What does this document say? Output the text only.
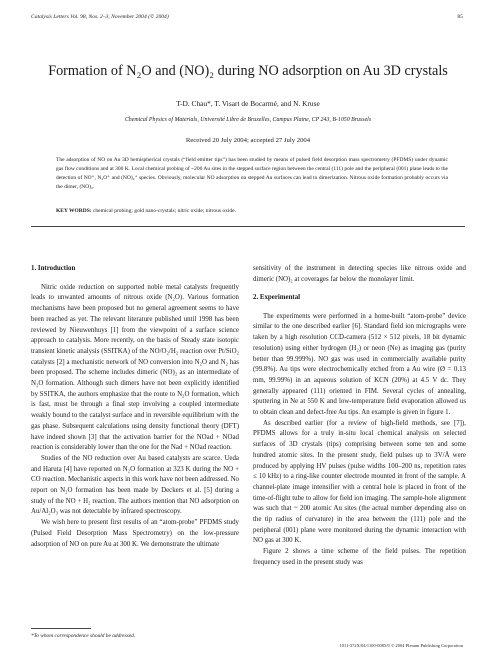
Catalysis Letters Vol. 98, Nos. 2–3, November 2004 (© 2004)	85
Formation of N₂O and (NO)₂ during NO adsorption on Au 3D crystals
T-D. Chau*, T. Visart de Bocarmé, and N. Kruse
Chemical Physics of Materials, Université Libre de Bruxelles, Campus Plaine, CP 243, B-1050 Brussels
Received 20 July 2004; accepted 27 July 2004
The adsorption of NO on Au 3D hemispherical crystals (“field emitter tips”) has been studied by means of pulsed field desorption mass spectrometry (PFDMS) under dynamic gas flow conditions and at 300 K. Local chemical probing of ~200 Au sites in the stepped surface region between the central (111) pole and the peripheral (001) plane leads to the detection of NO⁺, N₂O⁺ and (NO)₂⁺ species. Obviously, molecular NO adsorption on stepped Au surfaces can lead to dimerization. Nitrous oxide formation probably occurs via the dimer, (NO)₂.
KEY WORDS: chemical probing; gold nano-crystals; nitric oxide; nitrous oxide.
1. Introduction

Nitric oxide reduction on supported noble metal catalysts frequently leads to unwanted amounts of nitrous oxide (N₂O). Various formation mechanisms have been proposed but no general agreement seems to have been reached as yet. The relevant literature published until 1998 has been reviewed by Nieuwenhuys [1] from the viewpoint of a surface science approach to catalysis. More recently, on the basis of Steady state isotopic transient kinetic analysis (SSITKA) of the NO/O₂/H₂ reaction over Pt/SiO₂ catalysts [2] a mechanistic network of NO conversion into N₂O and N₂ has been proposed. The scheme includes dimeric (NO)₂ as an intermediate of N₂O formation. Although such dimers have not been explicitly identified by SSITKA, the authors emphasize that the route to N₂O formation, which is fast, must be through a final step involving a coupled intermediate weakly bound to the catalyst surface and in reversible equilibrium with the gas phase. Subsequent calculations using density functional theory (DFT) have indeed shown [3] that the activation barrier for the NOad + NOad reaction is considerably lower than the one for the Nad + NOad reaction.

Studies of the NO reduction over Au based catalysts are scarce. Ueda and Haruta [4] have reported on N₂O formation at 323 K during the NO + CO reaction. Mechanistic aspects in this work have not been addressed. No report on N₂O formation has been made by Deckers et al. [5] during a study of the NO + H₂ reaction. The authors mention that NO adsorption on Au/Al₂O₃ was not detectable by infrared spectroscopy.

We wish here to present first results of an “atom-probe” PFDMS study (Pulsed Field Desorption Mass Spectrometry) on the low-pressure adsorption of NO on pure Au at 300 K. We demonstrate the ultimate

sensitivity of the instrument in detecting species like nitrous oxide and dimeric (NO)₂ at coverages far below the monolayer limit.

2. Experimental

The experiments were performed in a home-built “atom-probe” device similar to the one described earlier [6]. Standard field ion micrographs were taken by a high resolution CCD-camera (512 × 512 pixels, 18 bit dynamic resolution) using either hydrogen (H₂) or neon (Ne) as imaging gas (purity better than 99.999%). NO gas was used in commercially available purity (99.8%). Au tips were electrochemically etched from a Au wire (Ø = 0.13 mm, 99.99%) in an aqueous solution of KCN (20%) at 4.5 V dc. They generally appeared (111) oriented in FIM. Several cycles of annealing, sputtering in Ne at 550 K and low-temperature field evaporation allowed us to obtain clean and defect-free Au tips. An example is given in figure 1.

As described earlier (for a review of high-field methods, see [7]), PFDMS allows for a truly in-situ local chemical analysis on selected surfaces of 3D crystals (tips) comprising between some ten and some hundred atomic sites. In the present study, field pulses up to 3V/Å were produced by applying HV pulses (pulse widths 100–200 ns, repetition rates ≤ 10 kHz) to a ring-like counter electrode mounted in front of the sample. A channel-plate image intensifier with a central hole is placed in front of the time-of-flight tube to allow for field ion imaging. The sample-hole alignment was such that ~ 200 atomic Au sites (the actual number depending also on the tip radius of curvature) in the area between the (111) pole and the peripheral (001) plane were monitored during the dynamic interaction with NO gas at 300 K.

Figure 2 shows a time scheme of the field pulses. The repetition frequency used in the present study was

*To whom correspondence should be addressed.
1011-372X/04/1100-0085/0 © 2004 Plenum Publishing Corporation
